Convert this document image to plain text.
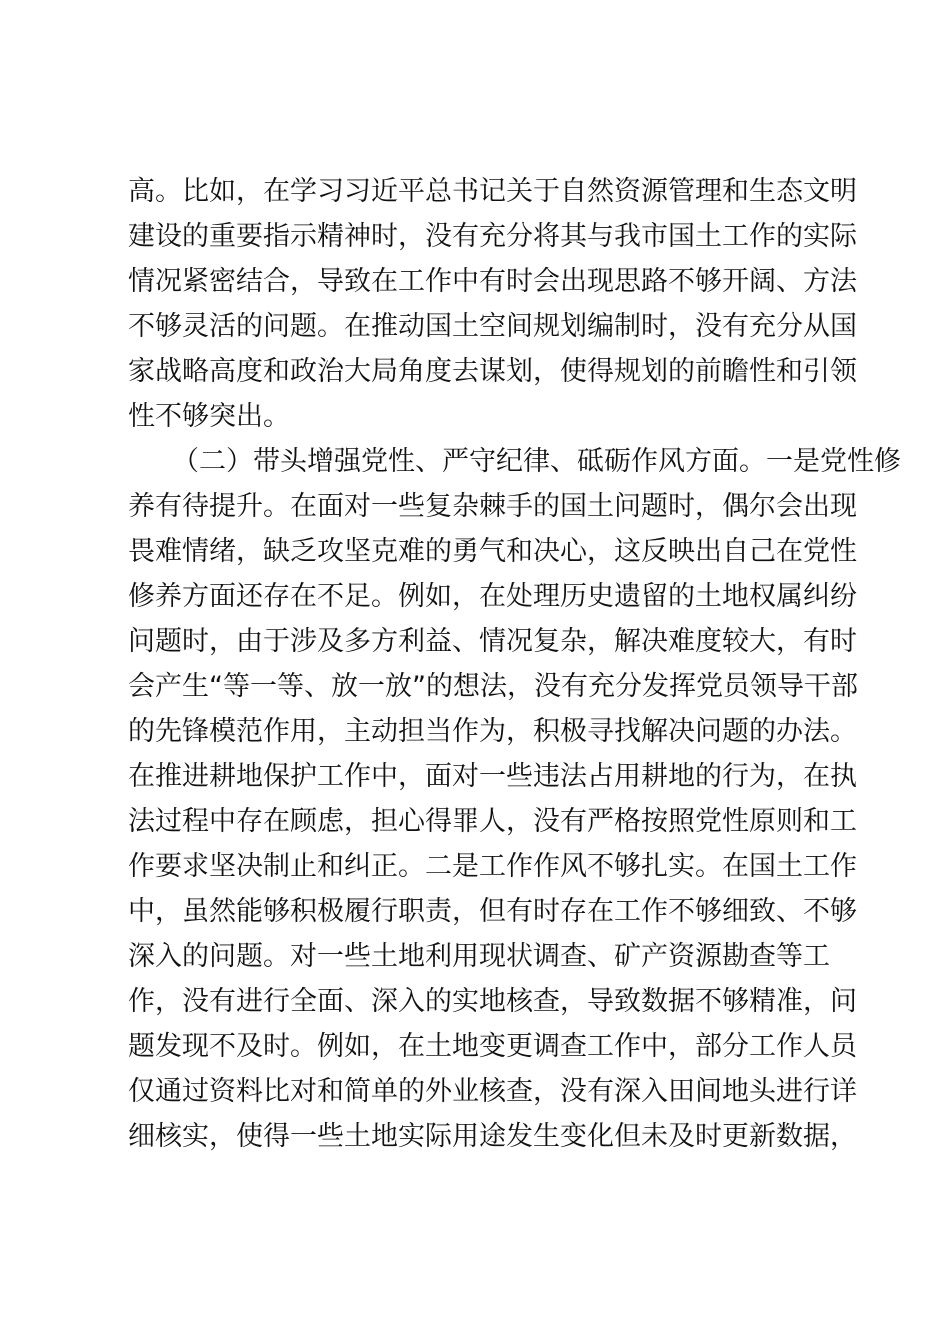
高。比如，在学习习近平总书记关于自然资源管理和生态文明
建设的重要指示精神时，没有充分将其与我市国土工作的实际
情况紧密结合，导致在工作中有时会出现思路不够开阔、方法
不够灵活的问题。在推动国土空间规划编制时，没有充分从国
家战略高度和政治大局角度去谋划，使得规划的前瞻性和引领
性不够突出。
（二）带头增强党性、严守纪律、砥砺作风方面。一是党性修
养有待提升。在面对一些复杂棘手的国土问题时，偶尔会出现
畏难情绪，缺乏攻坚克难的勇气和决心，这反映出自己在党性
修养方面还存在不足。例如，在处理历史遗留的土地权属纠纷
问题时，由于涉及多方利益、情况复杂，解决难度较大，有时
会产生“等一等、放一放”的想法，没有充分发挥党员领导干部
的先锋模范作用，主动担当作为，积极寻找解决问题的办法。
在推进耕地保护工作中，面对一些违法占用耕地的行为，在执
法过程中存在顾虑，担心得罪人，没有严格按照党性原则和工
作要求坚决制止和纠正。二是工作作风不够扎实。在国土工作
中，虽然能够积极履行职责，但有时存在工作不够细致、不够
深入的问题。对一些土地利用现状调查、矿产资源勘查等工
作，没有进行全面、深入的实地核查，导致数据不够精准，问
题发现不及时。例如，在土地变更调查工作中，部分工作人员
仅通过资料比对和简单的外业核查，没有深入田间地头进行详
细核实，使得一些土地实际用途发生变化但未及时更新数据，
